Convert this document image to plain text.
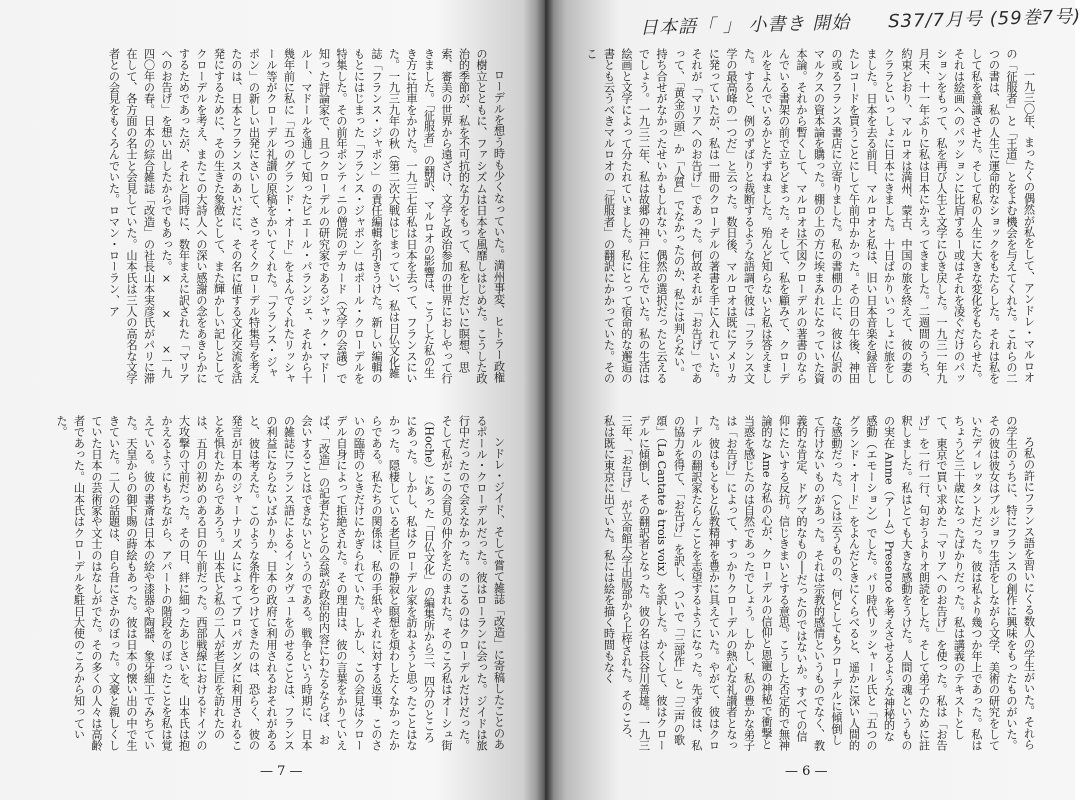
ローデルを想う時も少くなっていた。満州事変、ヒトラー政権の樹立とともに、ファシズムは日本を風靡しはじめた。こうした政治的季節が、私を不可抗的な力をもって、私をしだいに瞑想、思索、審美の世界から遠ざけ、文学と政治参加の世界におしやって行きました。「征服者」の翻訳、マルロオの影響は、こうした私の生き方に拍車をかけた。一九三七年私は日本を去って、フランスにいた。一九三九年の秋（第二次大戦はじまってい）、私は日仏文化雑誌「フランス・ジャポン」の責任編輯を引きうけた。新しい編輯のもとにはじまった「フランス・ジャポン」はポール・クローデルを特集した。その前年ポンティニの僧院のデカード（文学の会議）で知った評論家で、且つクローデルの研究家であるジャック・マドールー、マドールを通して知ったピエール・パランジェ、それから十幾年前に私に「五つのグランド・オード」をよんでくれたリッシャール等がクローデル礼讃の原稿をかいてくれた。「フランス・ジャポン」の新しい出発にさいして、さっそくクローデル特集号を考えたのは、日本とフランスのあいだに、その名に値する文化交流を活発にするために、その生きた象徴として、また輝かしい記しとしてクローデルを考え、またこの大詩人への深い感謝の念をあきらかにするためであったが、それと同時に、数年まえに訳された「マリアへのお告げ」を想い出したからでもあった。×　　×　　×一九四〇年の春。日本の綜合雑誌「改造」の社長山本実彦氏がパリに滞在して、各方面の名士と会見していた。山本氏は三人の高名な文学者との会見をもくろんでいた。ロマン・ローラン、ア

ンドレ・ジイド、そして嘗て雑誌「改造」に寄稿したことのあるポール・クローデルだった。彼はローランに会った。ジイドは旅行中だったので会えなかった。のこるのはクローデルだけだった。そして私がこの会見の仲介をたのまれた。そのころ私はオーシュ街（Hoche）にあった「日仏文化」の編集所から三、四分のところにあった。しかし、私はクローデル家を訪ねようと思ったことはなかった。隠棲している老巨匠の静寂と瞑想を煩わしたくなかったからである。私たちの関係は、私の手紙やそれに対する返事、このさいの臨時のときだけにかぎられていた。しかし、この会見はクローデル自身によって拒絶された。その理由は、彼の言葉をかりていえば、「改造」の記者たちとの会談が政治的内容にわたるならば、お会いすることはできないというのである。戦争という時期に、日本の雑誌にフランス語によるインタヴューをのせることは、フランスの利益にならないばかりか、日本の政府に利用されるおそれがあると、彼は考えた。このような条件をつけてきたのは、恐らく、彼の発言が日本のジャーナリズムによってプロパガンダに利用されることを惧れたからであろう。山本氏と私の二人が老巨匠を訪れたのは、五月の初めのある日の午前だった。西部戦線におけるドイツの大攻撃の寸前だった。その日、絆に細ったあじさいを、山本氏は抱かえるようにもちながら、アパートの階段をのぼったことを私は覚えている。彼の書斎は日本の絵や漆器や陶器、象牙細工でみちていた。天皇からの御下賜の蒔絵もあった。彼は日本の懐い出の中で生きていた。二人の話題は、自ら昔にさかのぼった。文豪と親しくしていた日本の芸術家や文士のはなしがでた。その多くの人々は高齢者であった。山本氏はクローデルを駐日大使のころから知っていた。

— 7 —
日本語「 」 小書き 開始　　S37/7月号 (59巻7号)

一九三〇年、まったくの偶然が私をして、アンドレ・マルロオの「征服者」と「王道」とをよむ機会を与えてくれた。これらの二つの書は、私の人生に運命的なショックをもたらした。それは私をして私を意識させた。そして私の人生に大きな変化をもたらせた。それは絵画へのパッションに比肩するー或はそれを凌ぐだけのパッションをもって、私を再び人生と文学にひき戻した。一九三一年九月末、十一年ぶりに私は日本にかえってきました。二週間のうち、約束どおり、マルロオは満州、蒙古、中国の旅を終えて、彼の妻のクララといっしょに日本にきました。十日ばかりいっしょに旅をしました。日本を去る前日、マルロオと私は、旧い日本音楽を録音したレコードを買うことにして午前中かかった。その日の午後、神田の或るフランス書店に立寄りました。私の書棚の上に、彼は仏訳のマルクスの資本論を購った。棚の上の方に埃まみれになっていた資本論。それから暫くして、マルロオは不図クローデルの著書のならんでいる書架の前で立ちどまった。そして、私を顧みて、クローデルをよんでいるかとたずねました。殆んど知らないと私は答えました。すると、例のずばりと裁断するような語調で彼は「フランス文学の最高峰の一つだ」と云った。数日後、マルロオは既にアメリカに発っていたが、私は一冊のクローデルの著書を手に入れていた。それが「マリアへのお告げ」であった。何故それが「お告げ」であって、「黄金の頭」か「人質」でなかったのか、私には判らない。持ち合せがなかったせいかもしれない。偶然の選択だったと云えるでしょう。一九三二年、私は故郷の神戸に住んでいた。私の生活は絵画と文学によって分たれていました。私にとって宿命的な邂逅の書とも云うべきマルロオの「征服者」の翻訳にかかっていた。そのこ

ろ私の許にフランス語を習いにくる数人の学生がいた。それらの学生のうちに、特にフランスの創作に興味をもったものがいた。その彼は彼女はブルジョワ生活をしながら文学、美術の研究をしていたディレッタントだった。彼は私より幾つか年上であった。私はちょうど三十歳になったばかりだった。私は講義のテキストとして、東京で買い求めた「マリアへのお告げ」を使った。私は「お告げ」を一行一行、句おうよりオ朗読をした。そして弟子のために註釈しました。私はとても大きな感動をうけた。人間の魂というものの実在 Anme（アーム）Presence を考えさせるような神秘的な感動（エモーション）でした。パリ時代リッシャール氏と「五つのグランド・オード」をよんだときにくらべると、遥かに深い人間的な感動だった。（とは云うものの、何としてもクローデルに傾倒して行けないものがあった。それは宗教的感情というものでなく、教義的な肯定、ドグマ的なもの──だったのではないか。すべての信仰にたいする反抗。信じきまいとする意思。こうした否定的で無神論的な Ame な私の心が、クローデルの信仰と恩寵の神秘で衝撃と当惑を感じたのは自然であったでしょう。しかし、私の豊かな弟子は「お告げ」によって、すっかりクローデルの熱心な礼讃者となった。彼はもともと仏教精神を豊かに具えていた。やがて、彼はクローデルの翻訳家たらんことを志望するようになった。先ず彼は、私の協力を得て、「お告げ」を訳し、ついで「三部作」と「三声の歌頌」（La Cantate à trois voix）を訳した。かくして、彼はクローデルに傾倒し、その翻訳者となった。彼の名は長谷川善雄。一九三三年、「お告げ」が立命館大学出版部から上梓された。そのころ、私は既に東京に出ていた。私には絵を描く時間もなく

— 6 —
